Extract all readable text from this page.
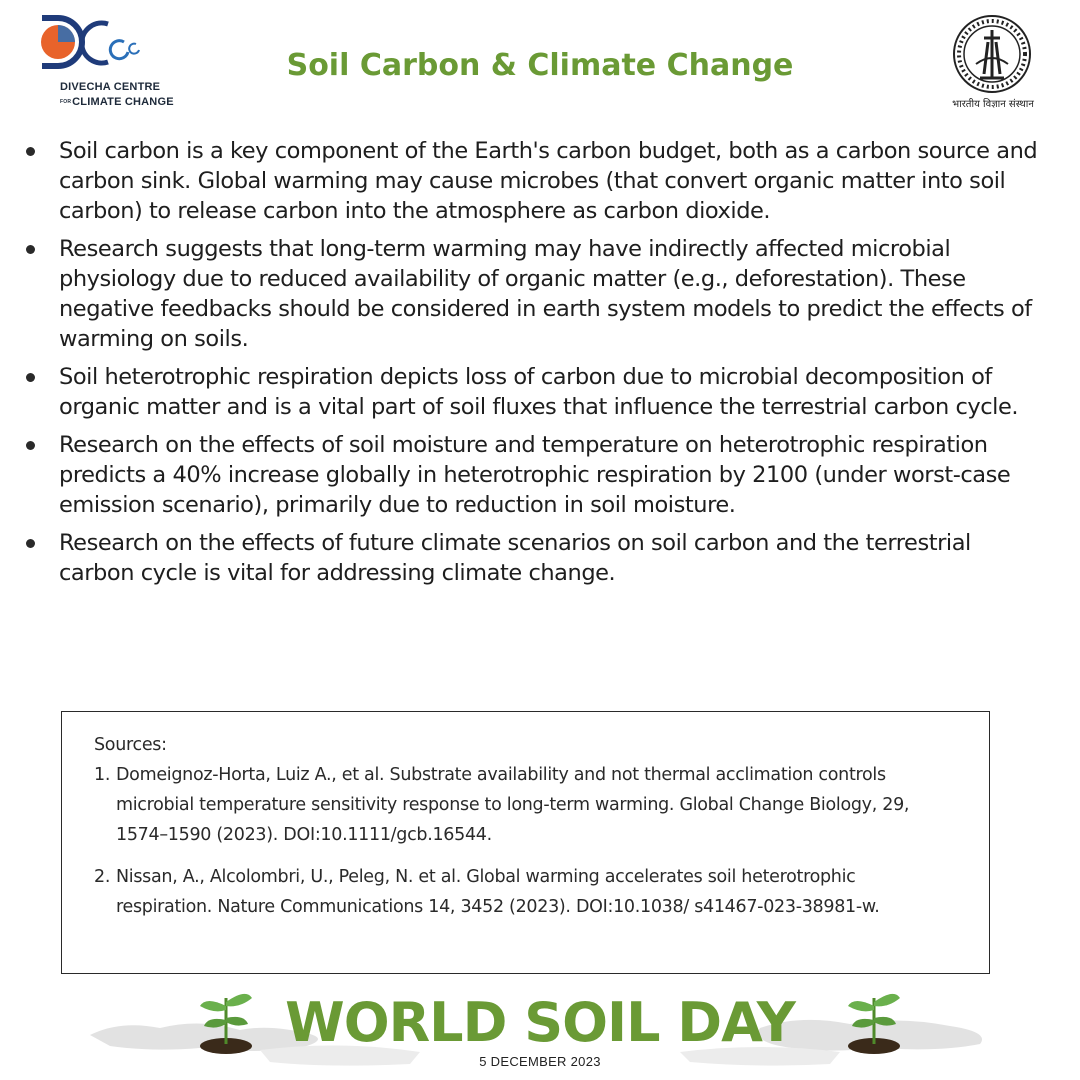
DIVECHA CENTRE
FORCLIMATE CHANGE
Soil Carbon & Climate Change
भारतीय विज्ञान संस्थान
Soil carbon is a key component of the Earth's carbon budget, both as a carbon source and carbon sink. Global warming may cause microbes (that convert organic matter into soil carbon) to release carbon into the atmosphere as carbon dioxide.
Research suggests that long-term warming may have indirectly affected microbial physiology due to reduced availability of organic matter (e.g., deforestation). These negative feedbacks should be considered in earth system models to predict the effects of warming on soils.
Soil heterotrophic respiration depicts loss of carbon due to microbial decomposition of organic matter and is a vital part of soil fluxes that influence the terrestrial carbon cycle.
Research on the effects of soil moisture and temperature on heterotrophic respiration predicts a 40% increase globally in heterotrophic respiration by 2100 (under worst-case emission scenario), primarily due to reduction in soil moisture.
Research on the effects of future climate scenarios on soil carbon and the terrestrial carbon cycle is vital for addressing climate change.
Sources:
1. Domeignoz-Horta, Luiz A., et al. Substrate availability and not thermal acclimation controls microbial temperature sensitivity response to long-term warming. Global Change Biology, 29, 1574–1590 (2023). DOI:10.1111/gcb.16544.
2. Nissan, A., Alcolombri, U., Peleg, N. et al. Global warming accelerates soil heterotrophic respiration. Nature Communications 14, 3452 (2023). DOI:10.1038/ s41467-023-38981-w.
WORLD SOIL DAY
5 DECEMBER 2023
